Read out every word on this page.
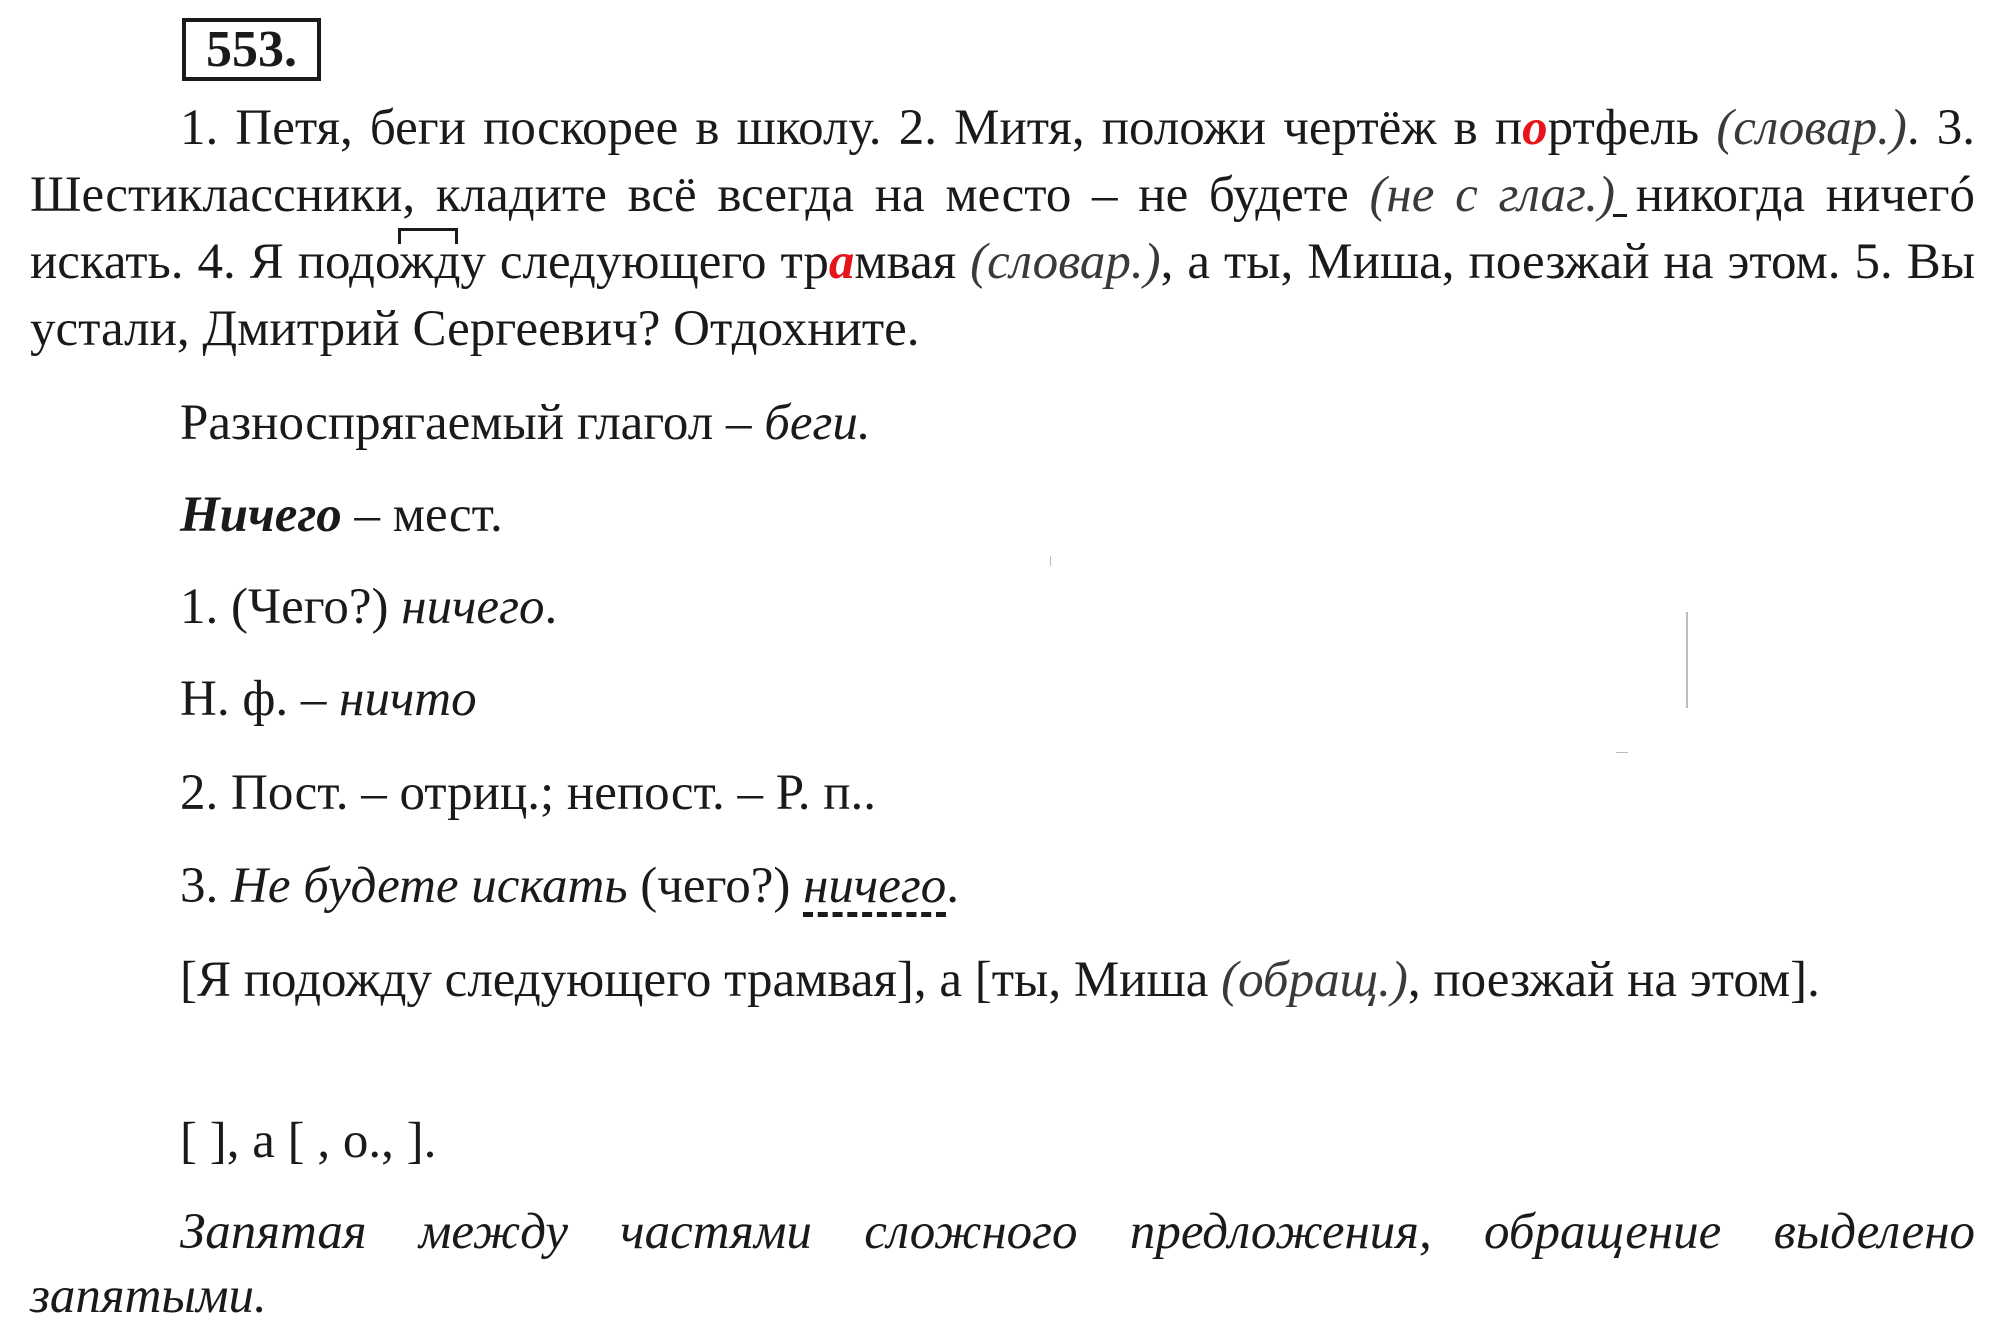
553.
1. Петя, беги поскорее в школу. 2. Митя, положи чертёж в портфель (словар.). 3. Шестиклассники, кладите всё всегда на место – не будете (не с глаг.) никогда ничегó искать. 4. Я подожду следующего трамвая (словар.), а ты, Миша, поезжай на этом. 5. Вы устали, Дмитрий Сергеевич? Отдохните.
Разноспрягаемый глагол – беги.
Ничего – мест.
1. (Чего?) ничего.
Н. ф. – ничто
2. Пост. – отриц.; непост. – Р. п..
3. Не будете искать (чего?) ничего.
[Я подожду следующего трамвая], а [ты, Миша (обращ.), поезжай на этом].
[ ], а [ , о., ].
Запятая между частями сложного предложения, обращение выделено запятыми.
